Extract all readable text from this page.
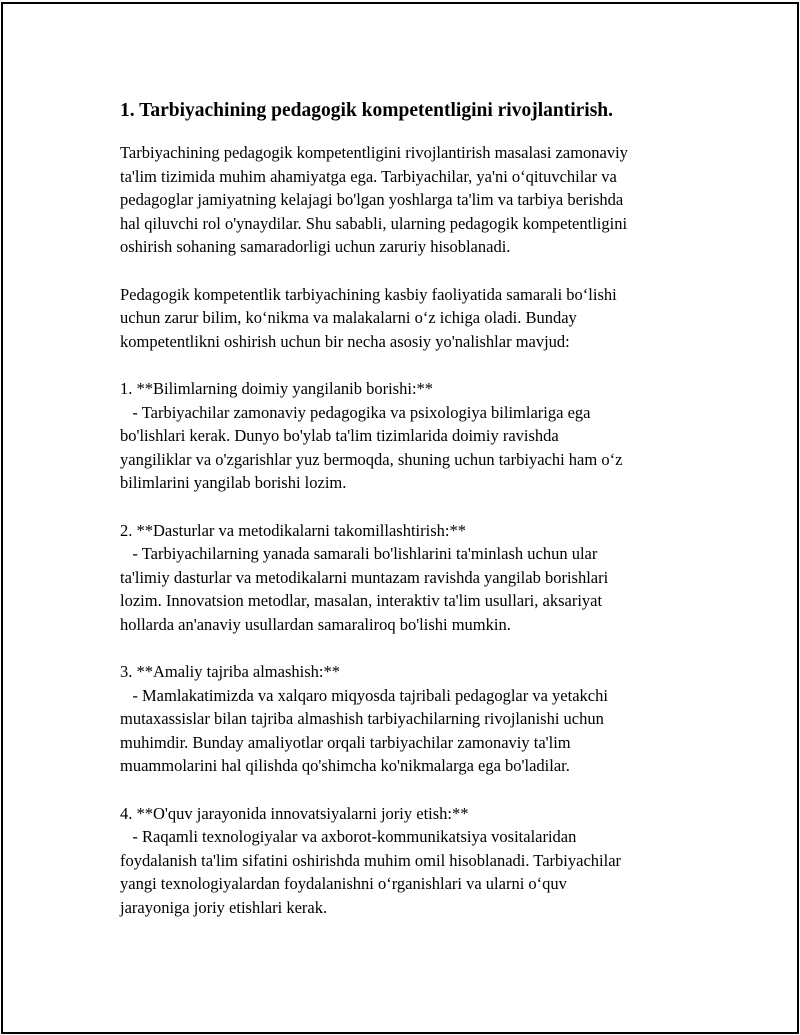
1. Tarbiyachining pedagogik kompetentligini rivojlantirish.
Tarbiyachining pedagogik kompetentligini rivojlantirish masalasi zamonaviy
ta'lim tizimida muhim ahamiyatga ega. Tarbiyachilar, ya'ni o‘qituvchilar va
pedagoglar jamiyatning kelajagi bo'lgan yoshlarga ta'lim va tarbiya berishda
hal qiluvchi rol o'ynaydilar. Shu sababli, ularning pedagogik kompetentligini
oshirish sohaning samaradorligi uchun zaruriy hisoblanadi.
Pedagogik kompetentlik tarbiyachining kasbiy faoliyatida samarali bo‘lishi
uchun zarur bilim, ko‘nikma va malakalarni o‘z ichiga oladi. Bunday
kompetentlikni oshirish uchun bir necha asosiy yo'nalishlar mavjud:
1. **Bilimlarning doimiy yangilanib borishi:**
- Tarbiyachilar zamonaviy pedagogika va psixologiya bilimlariga ega
bo'lishlari kerak. Dunyo bo'ylab ta'lim tizimlarida doimiy ravishda
yangiliklar va o'zgarishlar yuz bermoqda, shuning uchun tarbiyachi ham o‘z
bilimlarini yangilab borishi lozim.
2. **Dasturlar va metodikalarni takomillashtirish:**
- Tarbiyachilarning yanada samarali bo'lishlarini ta'minlash uchun ular
ta'limiy dasturlar va metodikalarni muntazam ravishda yangilab borishlari
lozim. Innovatsion metodlar, masalan, interaktiv ta'lim usullari, aksariyat
hollarda an'anaviy usullardan samaraliroq bo'lishi mumkin.
3. **Amaliy tajriba almashish:**
- Mamlakatimizda va xalqaro miqyosda tajribali pedagoglar va yetakchi
mutaxassislar bilan tajriba almashish tarbiyachilarning rivojlanishi uchun
muhimdir. Bunday amaliyotlar orqali tarbiyachilar zamonaviy ta'lim
muammolarini hal qilishda qo'shimcha ko'nikmalarga ega bo'ladilar.
4. **O'quv jarayonida innovatsiyalarni joriy etish:**
- Raqamli texnologiyalar va axborot-kommunikatsiya vositalaridan
foydalanish ta'lim sifatini oshirishda muhim omil hisoblanadi. Tarbiyachilar
yangi texnologiyalardan foydalanishni o‘rganishlari va ularni o‘quv
jarayoniga joriy etishlari kerak.
